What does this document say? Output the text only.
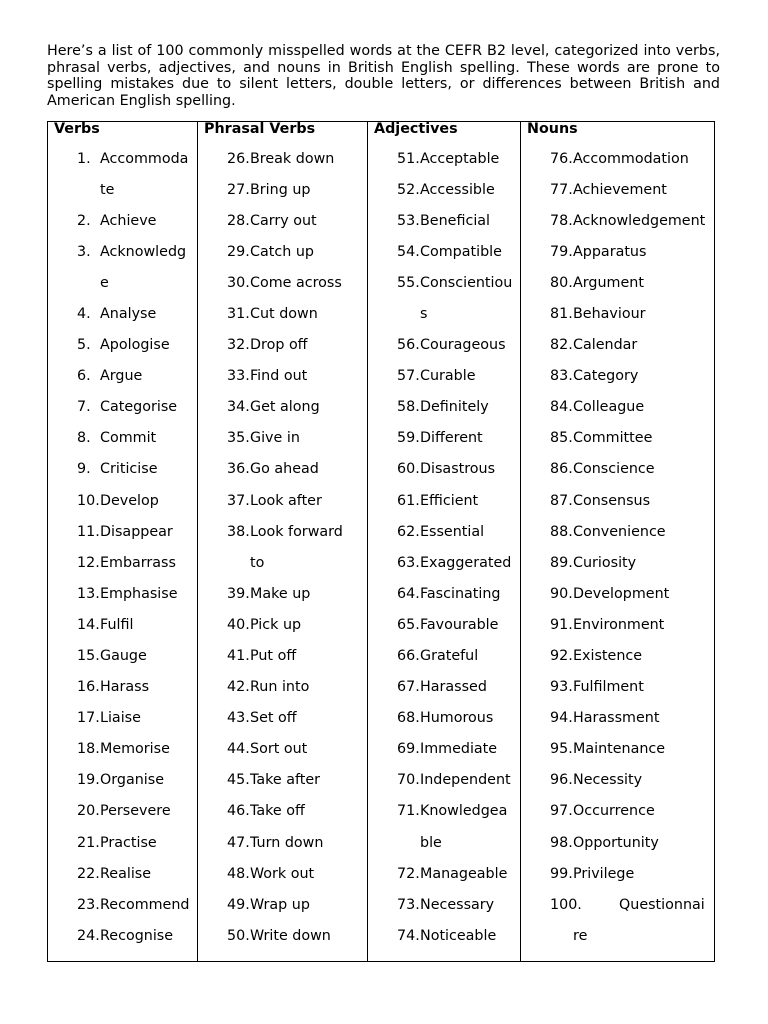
Here’s a list of 100 commonly misspelled words at the CEFR B2 level, categorized into verbs, phrasal verbs, adjectives, and nouns in British English spelling. These words are prone to spelling mistakes due to silent letters, double letters, or differences between British and American English spelling.

Verbs
1. Accommodate
2. Achieve
3. Acknowledge
4. Analyse
5. Apologise
6. Argue
7. Categorise
8. Commit
9. Criticise
10. Develop
11. Disappear
12. Embarrass
13. Emphasise
14. Fulfil
15. Gauge
16. Harass
17. Liaise
18. Memorise
19. Organise
20. Persevere
21. Practise
22. Realise
23. Recommend
24. Recognise
Phrasal Verbs
26. Break down
27. Bring up
28. Carry out
29. Catch up
30. Come across
31. Cut down
32. Drop off
33. Find out
34. Get along
35. Give in
36. Go ahead
37. Look after
38. Look forward to
39. Make up
40. Pick up
41. Put off
42. Run into
43. Set off
44. Sort out
45. Take after
46. Take off
47. Turn down
48. Work out
49. Wrap up
50. Write down
Adjectives
51. Acceptable
52. Accessible
53. Beneficial
54. Compatible
55. Conscientious
56. Courageous
57. Curable
58. Definitely
59. Different
60. Disastrous
61. Efficient
62. Essential
63. Exaggerated
64. Fascinating
65. Favourable
66. Grateful
67. Harassed
68. Humorous
69. Immediate
70. Independent
71. Knowledgeable
72. Manageable
73. Necessary
74. Noticeable
Nouns
76. Accommodation
77. Achievement
78. Acknowledgement
79. Apparatus
80. Argument
81. Behaviour
82. Calendar
83. Category
84. Colleague
85. Committee
86. Conscience
87. Consensus
88. Convenience
89. Curiosity
90. Development
91. Environment
92. Existence
93. Fulfilment
94. Harassment
95. Maintenance
96. Necessity
97. Occurrence
98. Opportunity
99. Privilege
100.	Questionnaire
